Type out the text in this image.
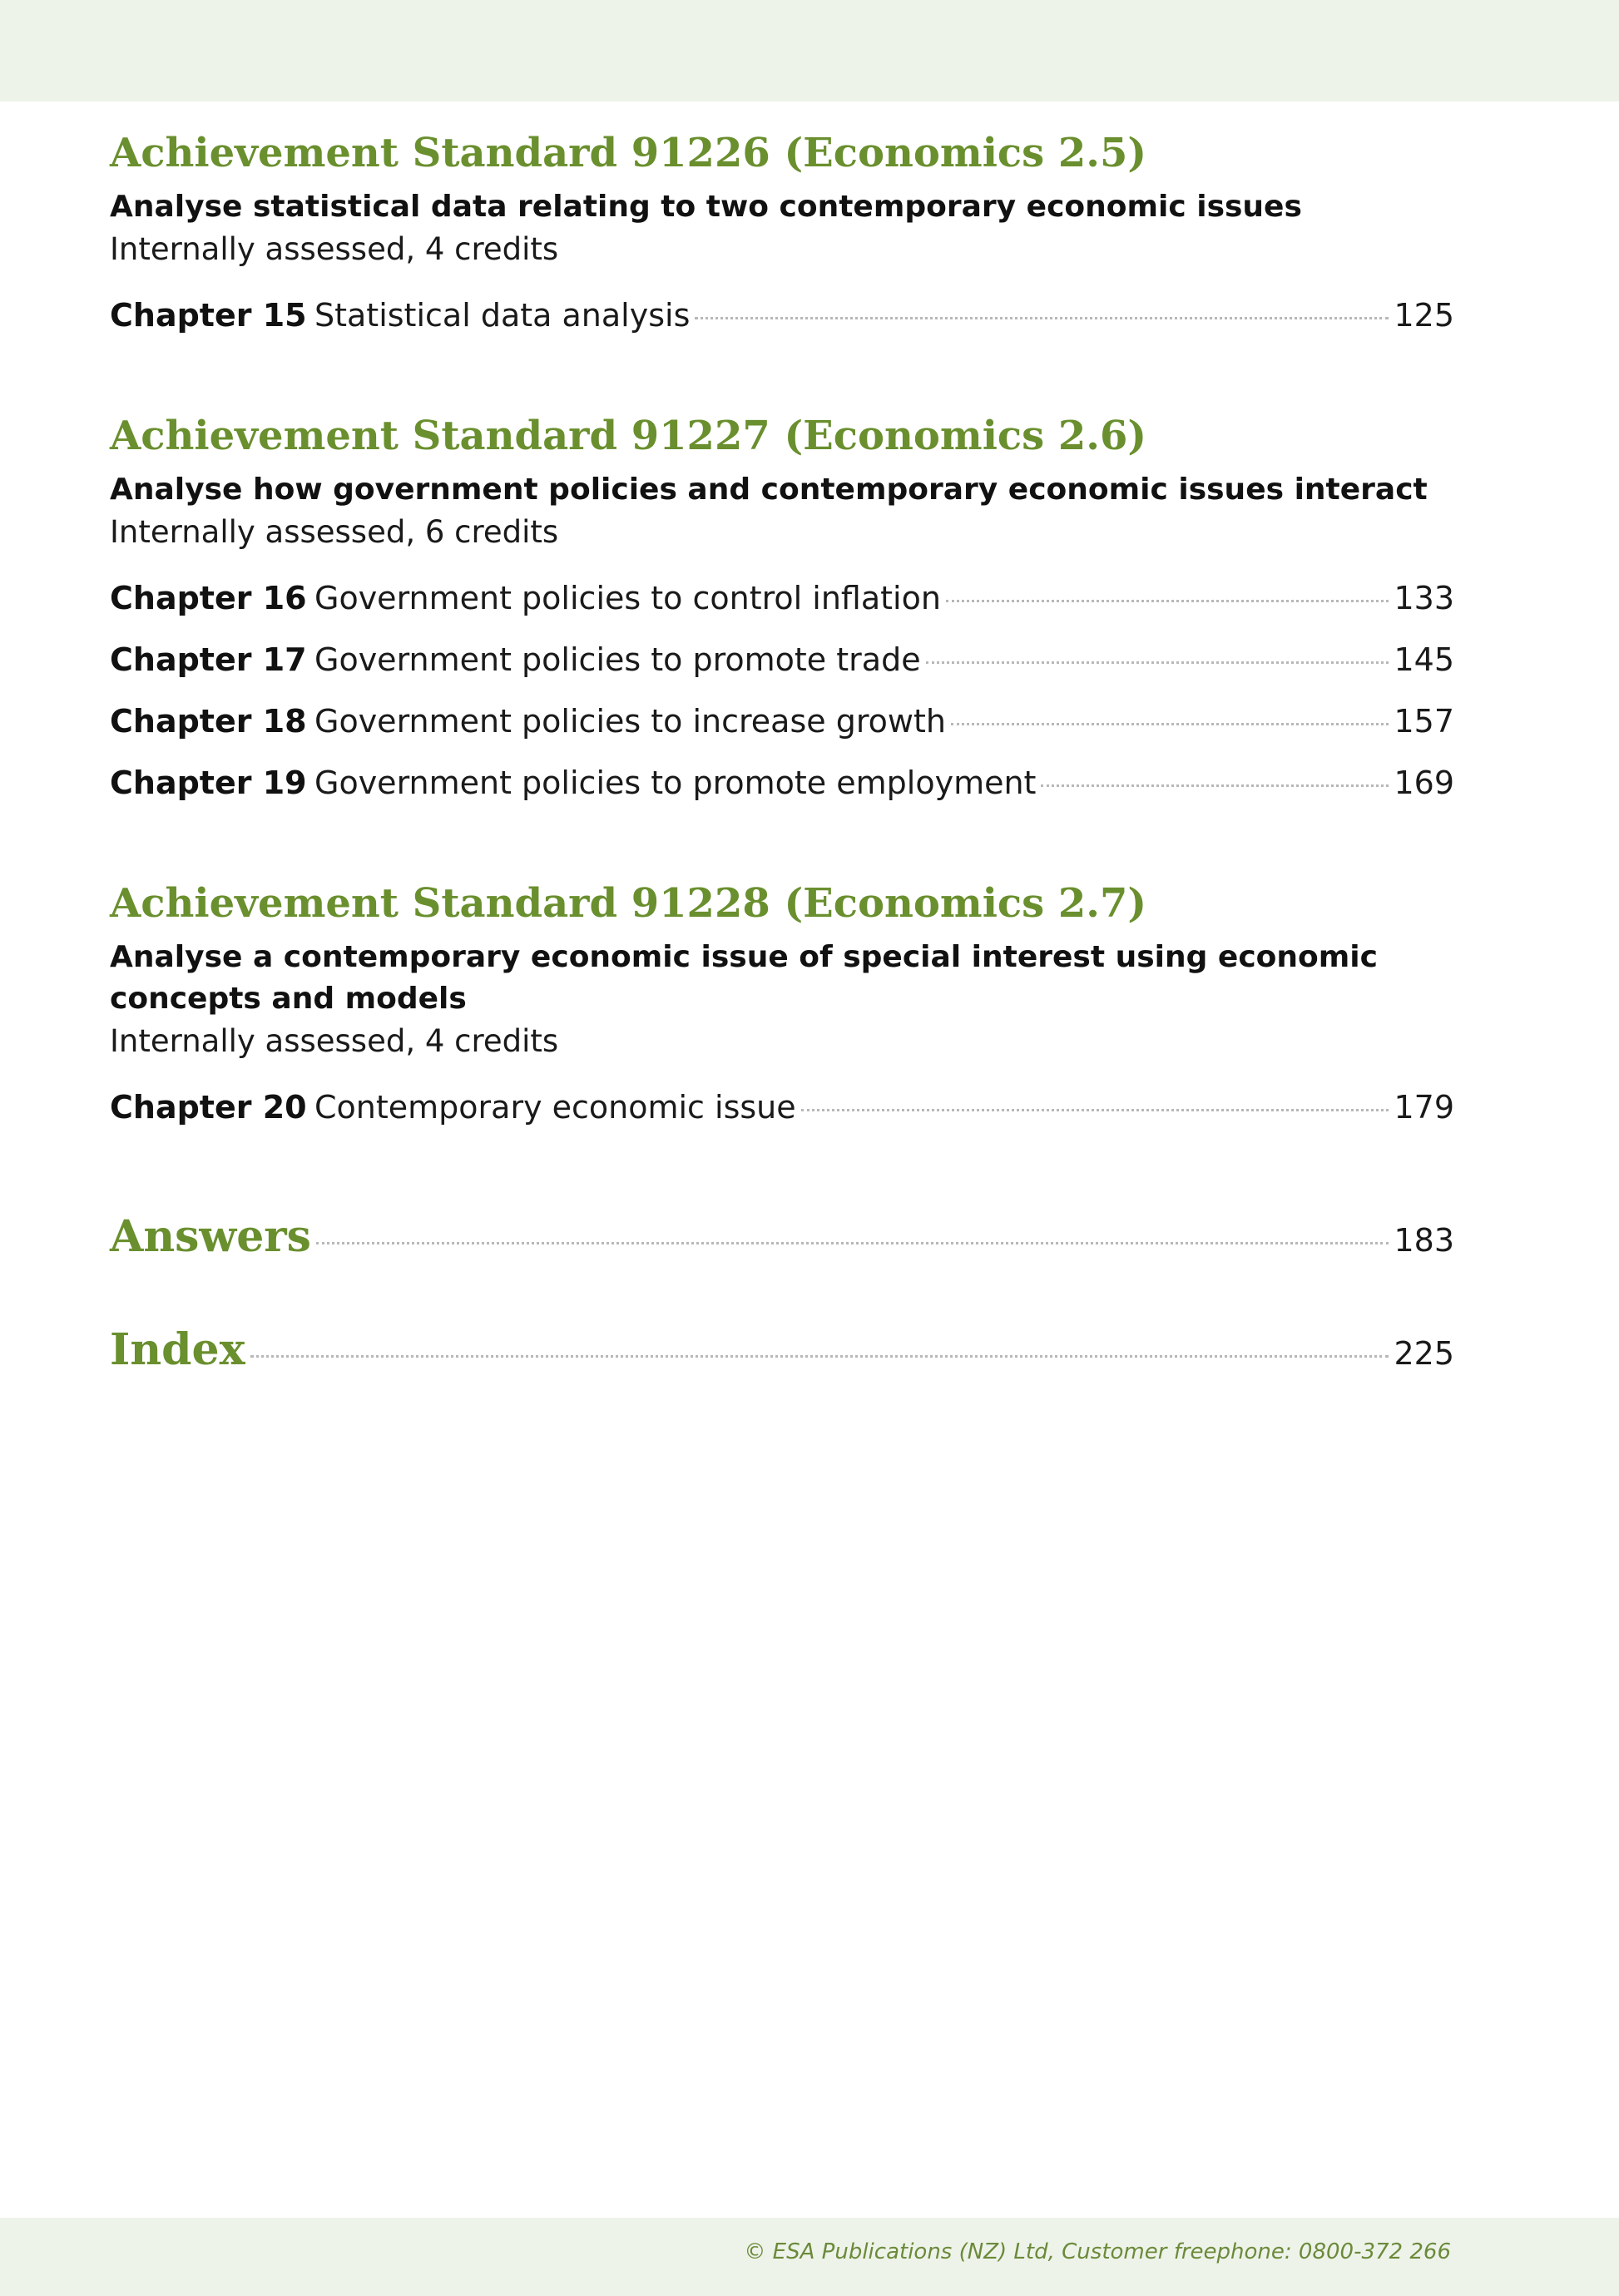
Achievement Standard 91226 (Economics 2.5)
Analyse statistical data relating to two contemporary economic issues
Internally assessed, 4 credits
Chapter 15 Statistical data analysis	125
Achievement Standard 91227 (Economics 2.6)
Analyse how government policies and contemporary economic issues interact
Internally assessed, 6 credits
Chapter 16 Government policies to control inflation	133
Chapter 17 Government policies to promote trade	145
Chapter 18 Government policies to increase growth	157
Chapter 19 Government policies to promote employment	169
Achievement Standard 91228 (Economics 2.7)
Analyse a contemporary economic issue of special interest using economic concepts and models
Internally assessed, 4 credits
Chapter 20 Contemporary economic issue	179
Answers	183
Index	225
© ESA Publications (NZ) Ltd, Customer freephone: 0800-372 266
